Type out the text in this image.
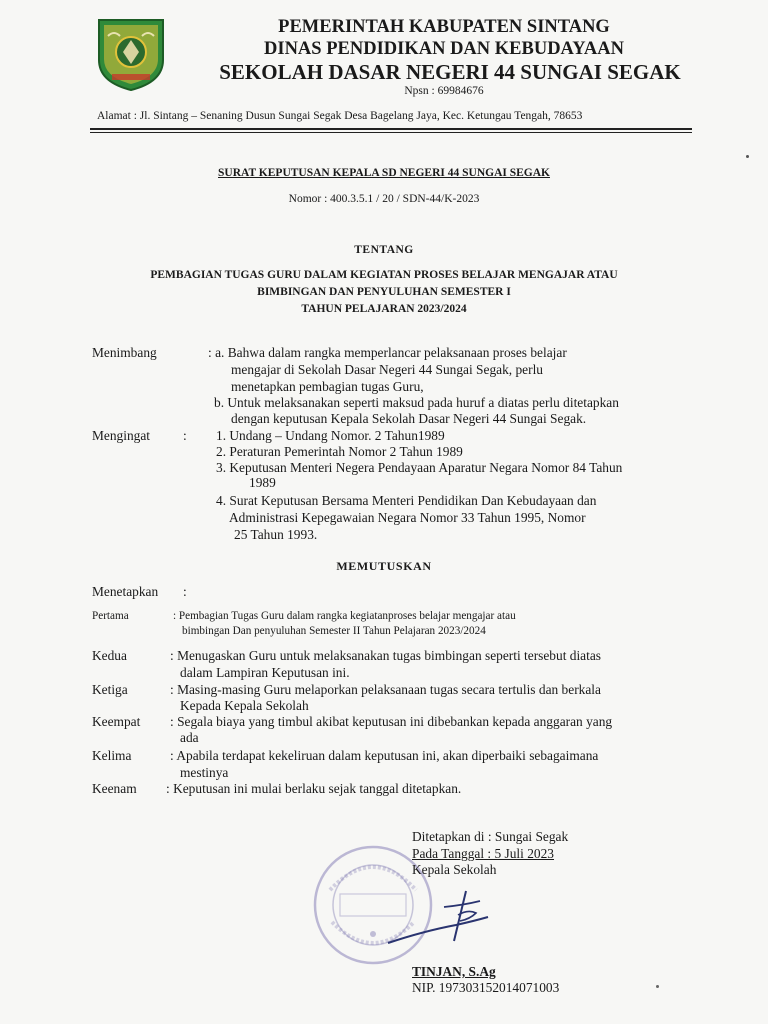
PEMERINTAH KABUPATEN SINTANG
DINAS PENDIDIKAN DAN KEBUDAYAAN
SEKOLAH DASAR NEGERI 44 SUNGAI SEGAK
Npsn : 69984676
Alamat : Jl. Sintang – Senaning Dusun Sungai Segak Desa Bagelang Jaya, Kec. Ketungau Tengah, 78653
SURAT KEPUTUSAN KEPALA SD NEGERI 44 SUNGAI SEGAK
Nomor : 400.3.5.1 / 20 / SDN-44/K-2023
TENTANG
PEMBAGIAN TUGAS GURU DALAM KEGIATAN PROSES BELAJAR MENGAJAR ATAU
BIMBINGAN DAN PENYULUHAN SEMESTER I
TAHUN PELAJARAN 2023/2024
Menimbang	: a. Bahwa dalam rangka memperlancar pelaksanaan proses belajar
mengajar di Sekolah Dasar Negeri 44 Sungai Segak, perlu
menetapkan pembagian tugas Guru,
b. Untuk melaksanakan seperti maksud pada huruf a diatas perlu ditetapkan
dengan keputusan Kepala Sekolah Dasar Negeri 44 Sungai Segak.
Mengingat : 1. Undang – Undang Nomor. 2 Tahun1989
2. Peraturan Pemerintah Nomor 2 Tahun 1989
3. Keputusan Menteri Negera Pendayaan Aparatur Negara Nomor 84 Tahun
1989
4. Surat Keputusan Bersama Menteri Pendidikan Dan Kebudayaan dan
Administrasi Kepegawaian Negara Nomor 33 Tahun 1995, Nomor
25 Tahun 1993.
MEMUTUSKAN
Menetapkan :
Pertama	: Pembagian Tugas Guru dalam rangka kegiatanproses belajar mengajar atau
bimbingan Dan penyuluhan Semester II Tahun Pelajaran 2023/2024
Kedua	: Menugaskan Guru untuk melaksanakan tugas bimbingan seperti tersebut diatas
dalam Lampiran Keputusan ini.
Ketiga	: Masing-masing Guru melaporkan pelaksanaan tugas secara tertulis dan berkala
Kepada Kepala Sekolah
Keempat : Segala biaya yang timbul akibat keputusan ini dibebankan kepada anggaran yang
ada
Kelima	: Apabila terdapat kekeliruan dalam keputusan ini, akan diperbaiki sebagaimana
mestinya
Keenam : Keputusan ini mulai berlaku sejak tanggal ditetapkan.
Ditetapkan di : Sungai Segak
Pada Tanggal : 5 Juli 2023
Kepala Sekolah
TINJAN, S.Ag
NIP. 197303152014071003
